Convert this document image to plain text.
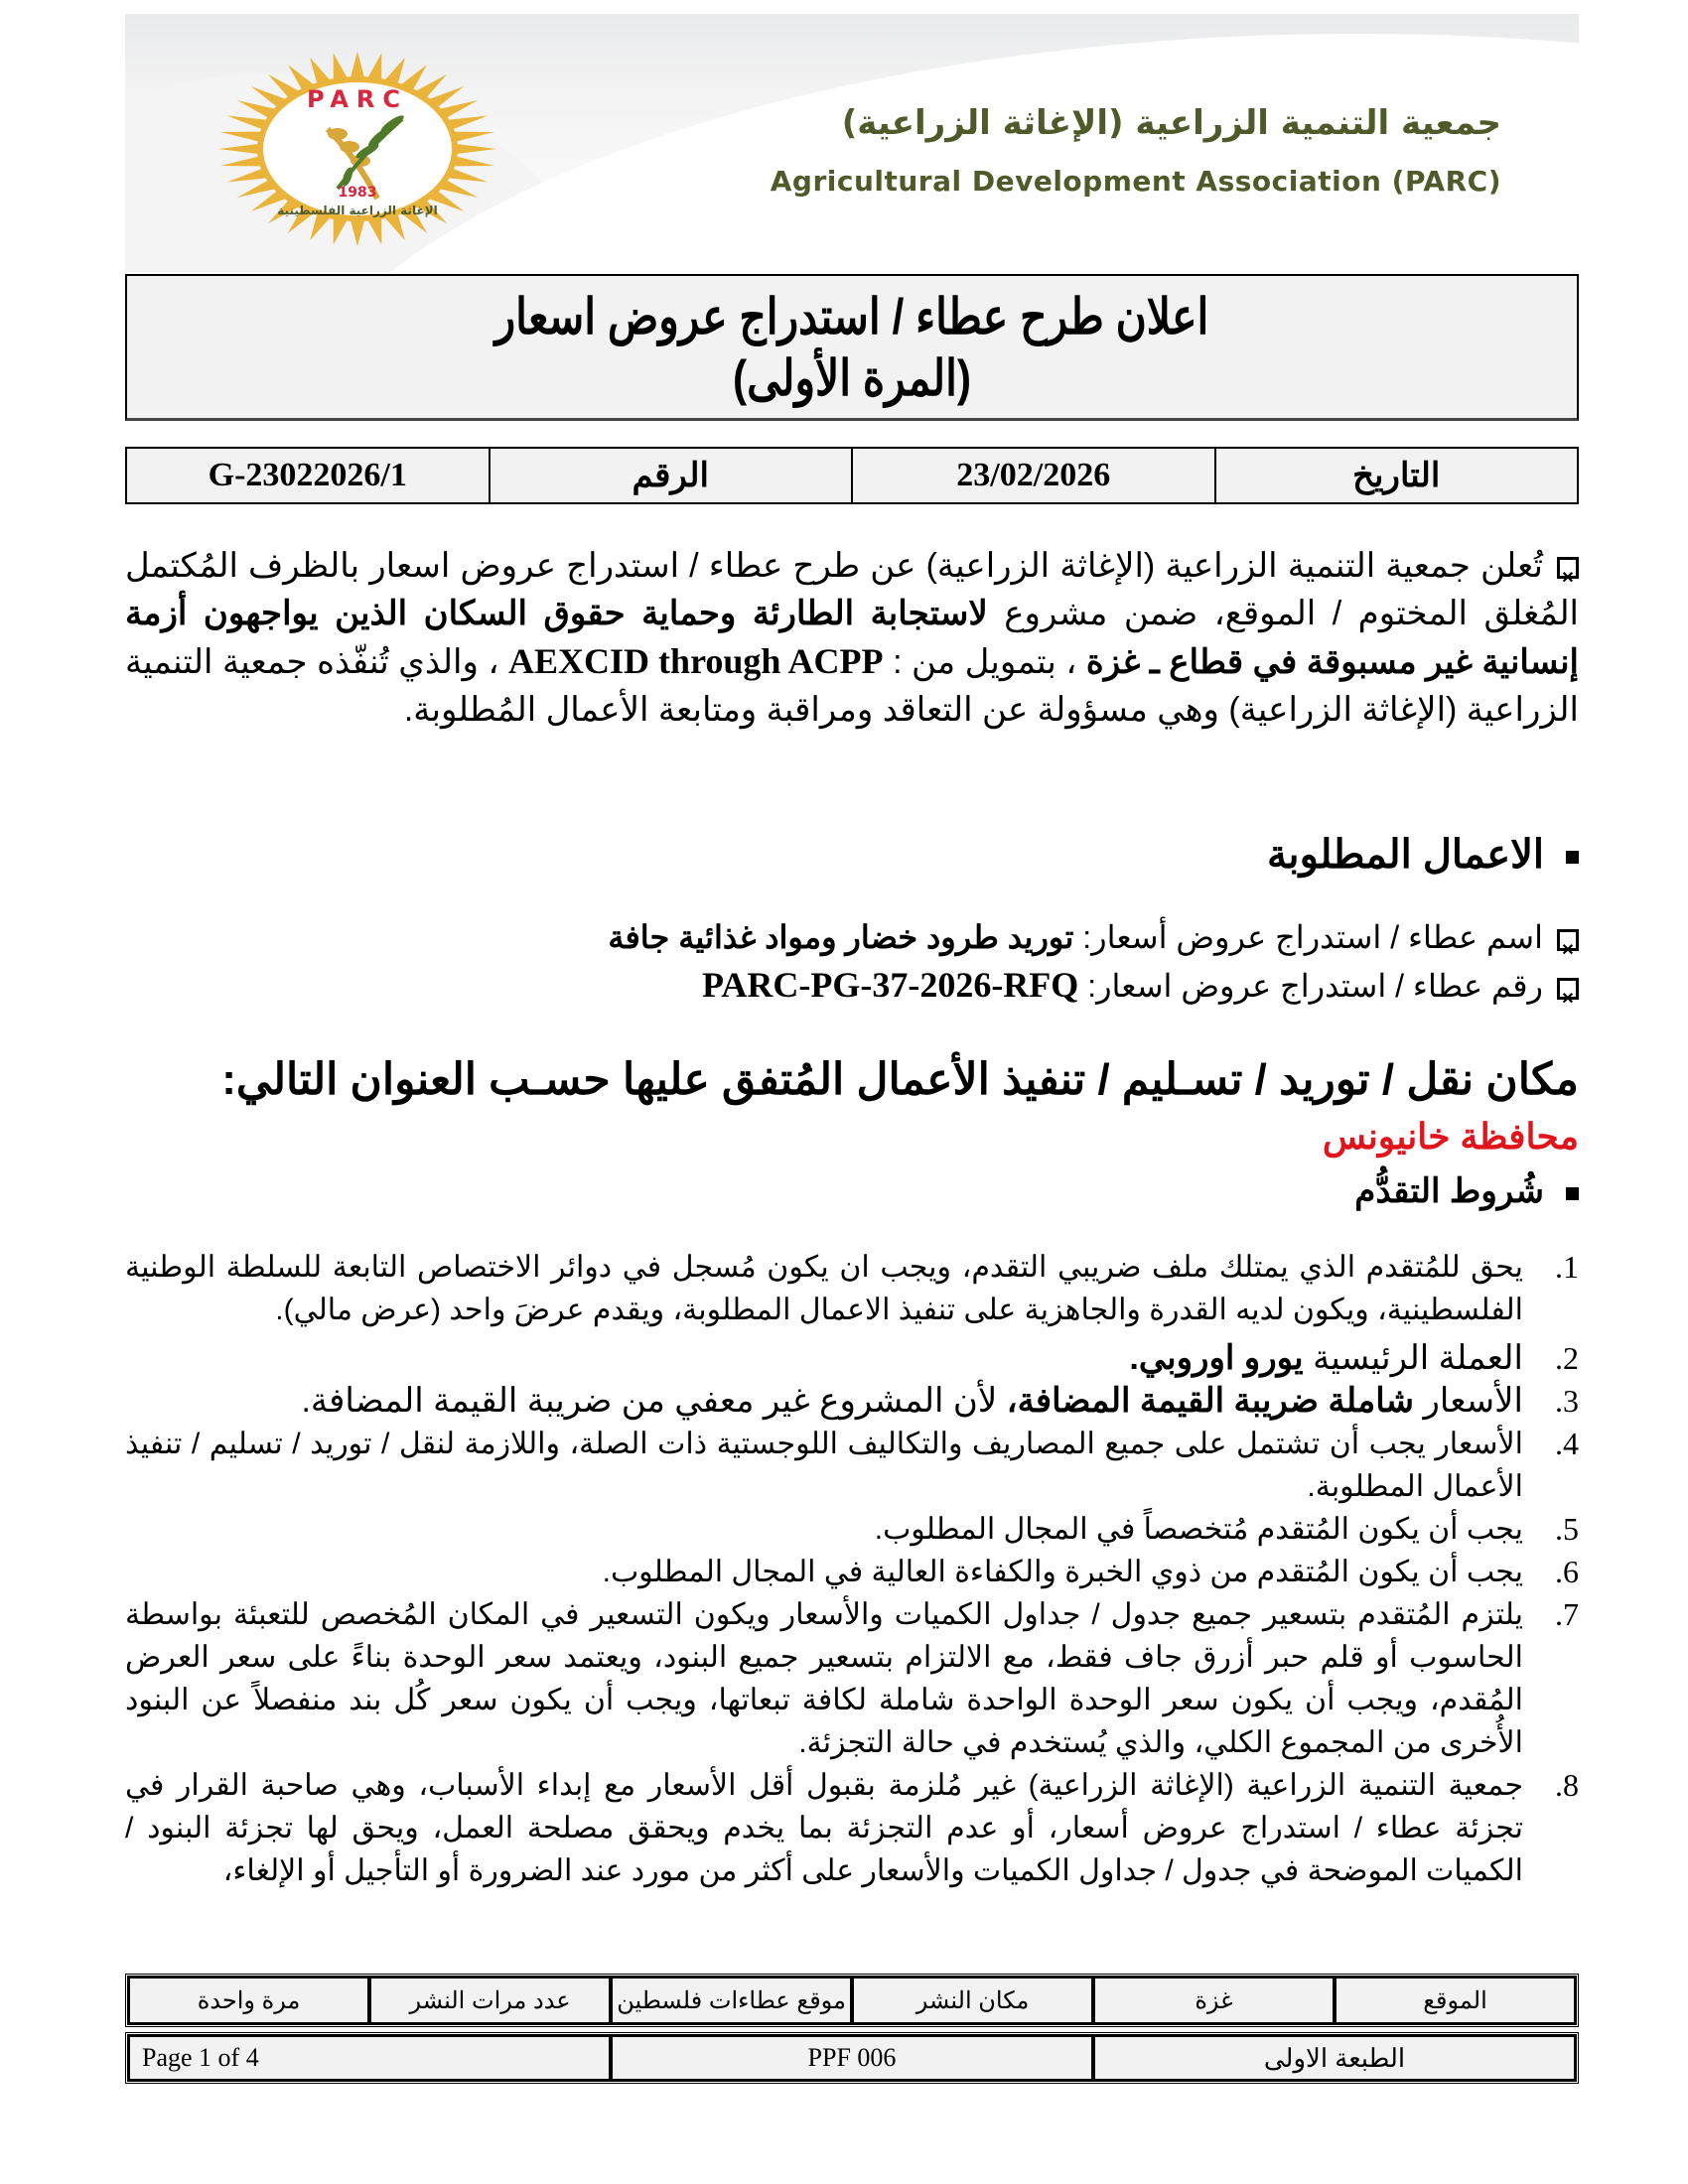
PARC
1983
الإغاثة الزراعية الفلسطينية
جمعية التنمية الزراعية (الإغاثة الزراعية)
Agricultural Development Association (PARC)
اعلان طرح عطاء / استدراج عروض اسعار
(المرة الأولى)
التاريخ	23/02/2026	الرقم	G-23022026/1
✕تُعلن جمعية التنمية الزراعية (الإغاثة الزراعية) عن طرح عطاء / استدراج عروض اسعار بالظرف المُكتمل المُغلق المختوم / الموقع، ضمن مشروع لاستجابة الطارئة وحماية حقوق السكان الذين يواجهون أزمة إنسانية غير مسبوقة في قطاع ـ غزة ، بتمويل من : AEXCID through ACPP ، والذي تُنفّذه جمعية التنمية الزراعية (الإغاثة الزراعية) وهي مسؤولة عن التعاقد ومراقبة ومتابعة الأعمال المُطلوبة.
الاعمال المطلوبة
✕اسم عطاء / استدراج عروض أسعار: توريد طرود خضار ومواد غذائية جافة
✕رقم عطاء / استدراج عروض اسعار: PARC-PG-37-2026-RFQ
مكان نقل / توريد / تسـليم / تنفيذ الأعمال المُتفق عليها حسـب العنوان التالي:
محافظة خانيونس
شُروط التقدُّم
1.
يحق للمُتقدم الذي يمتلك ملف ضريبي التقدم، ويجب ان يكون مُسجل في دوائر الاختصاص التابعة للسلطة الوطنية الفلسطينية، ويكون لديه القدرة والجاهزية على تنفيذ الاعمال المطلوبة، ويقدم عرضَ واحد (عرض مالي).
2.
العملة الرئيسية يورو اوروبي.
3.
الأسعار شاملة ضريبة القيمة المضافة، لأن المشروع غير معفي من ضريبة القيمة المضافة.
4.
الأسعار يجب أن تشتمل على جميع المصاريف والتكاليف اللوجستية ذات الصلة، واللازمة لنقل / توريد / تسليم / تنفيذ الأعمال المطلوبة.
5.
يجب أن يكون المُتقدم مُتخصصاً في المجال المطلوب.
6.
يجب أن يكون المُتقدم من ذوي الخبرة والكفاءة العالية في المجال المطلوب.
7.
يلتزم المُتقدم بتسعير جميع جدول / جداول الكميات والأسعار ويكون التسعير في المكان المُخصص للتعبئة بواسطة الحاسوب أو قلم حبر أزرق جاف فقط، مع الالتزام بتسعير جميع البنود، ويعتمد سعر الوحدة بناءً على سعر العرض المُقدم، ويجب أن يكون سعر الوحدة الواحدة شاملة لكافة تبعاتها، ويجب أن يكون سعر كُل بند منفصلاً عن البنود الأُخرى من المجموع الكلي، والذي يُستخدم في حالة التجزئة.
8.
جمعية التنمية الزراعية (الإغاثة الزراعية) غير مُلزمة بقبول أقل الأسعار مع إبداء الأسباب، وهي صاحبة القرار في تجزئة عطاء / استدراج عروض أسعار، أو عدم التجزئة بما يخدم ويحقق مصلحة العمل، ويحق لها تجزئة البنود / الكميات الموضحة في جدول / جداول الكميات والأسعار على أكثر من مورد عند الضرورة أو التأجيل أو الإلغاء،
الموقع	غزة	مكان النشر	موقع عطاءات فلسطين	عدد مرات النشر	مرة واحدة
الطبعة الاولى	PPF 006	Page 1 of 4
